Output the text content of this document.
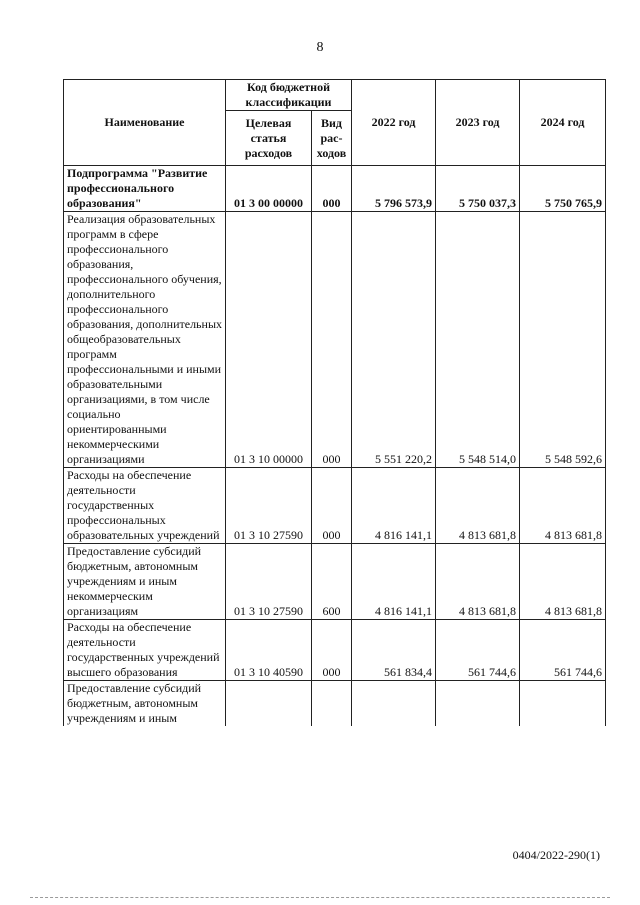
8
Наименование	Код бюджетной классификации		2022 год	2023 год	2024 год
	Целевая статья расходов	Вид рас- ходов			
Подпрограмма "Развитие профессионального образования"	01 3 00 00000	000	5 796 573,9	5 750 037,3	5 750 765,9
Реализация образовательных программ в сфере профессионального образования, профессионального обучения, дополнительного профессионального образования, дополнительных общеобразовательных программ профессиональными и иными образовательными организациями, в том числе социально ориентированными некоммерческими организациями	01 3 10 00000	000	5 551 220,2	5 548 514,0	5 548 592,6
Расходы на обеспечение деятельности государственных профессиональных образовательных учреждений	01 3 10 27590	000	4 816 141,1	4 813 681,8	4 813 681,8
Предоставление субсидий бюджетным, автономным учреждениям и иным некоммерческим организациям	01 3 10 27590	600	4 816 141,1	4 813 681,8	4 813 681,8
Расходы на обеспечение деятельности государственных учреждений высшего образования	01 3 10 40590	000	561 834,4	561 744,6	561 744,6
Предоставление субсидий бюджетным, автономным учреждениям и иным					
0404/2022-290(1)
